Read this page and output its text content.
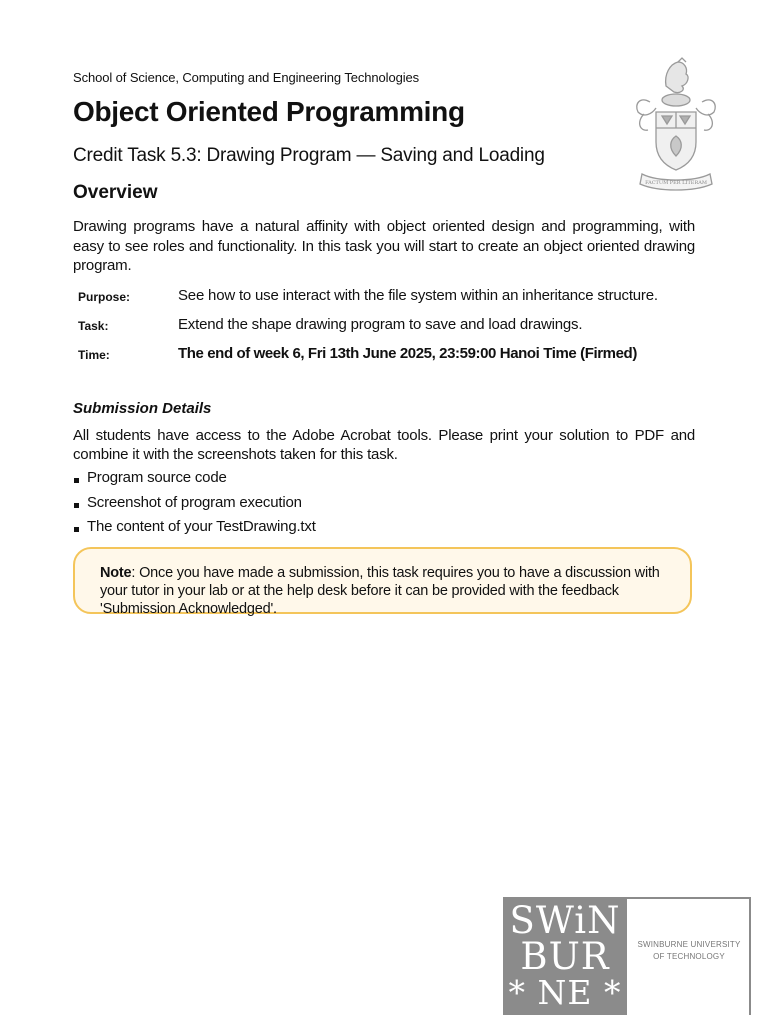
School of Science, Computing and Engineering Technologies
Object Oriented Programming
Credit Task 5.3: Drawing Program — Saving and Loading
FACTUM PER LITERAM
Overview

Drawing programs have a natural affinity with object oriented design and programming, with easy to see roles and functionality. In this task you will start to create an object oriented drawing program.

Purpose:	See how to use interact with the file system within an inheritance structure.
Task:	Extend the shape drawing program to save and load drawings.
Time:	The end of week 6, Fri 13th June 2025, 23:59:00 Hanoi Time (Firmed)
Submission Details

All students have access to the Adobe Acrobat tools. Please print your solution to PDF and combine it with the screenshots taken for this task.

Program source code
Screenshot of program execution
The content of your TestDrawing.txt
Note: Once you have made a submission, this task requires you to have a discussion with your tutor in your lab or at the help desk before it can be provided with the feedback 'Submission Acknowledged'.
SWiN
BUR
* NE *
SWINBURNE UNIVERSITY
OF TECHNOLOGY
